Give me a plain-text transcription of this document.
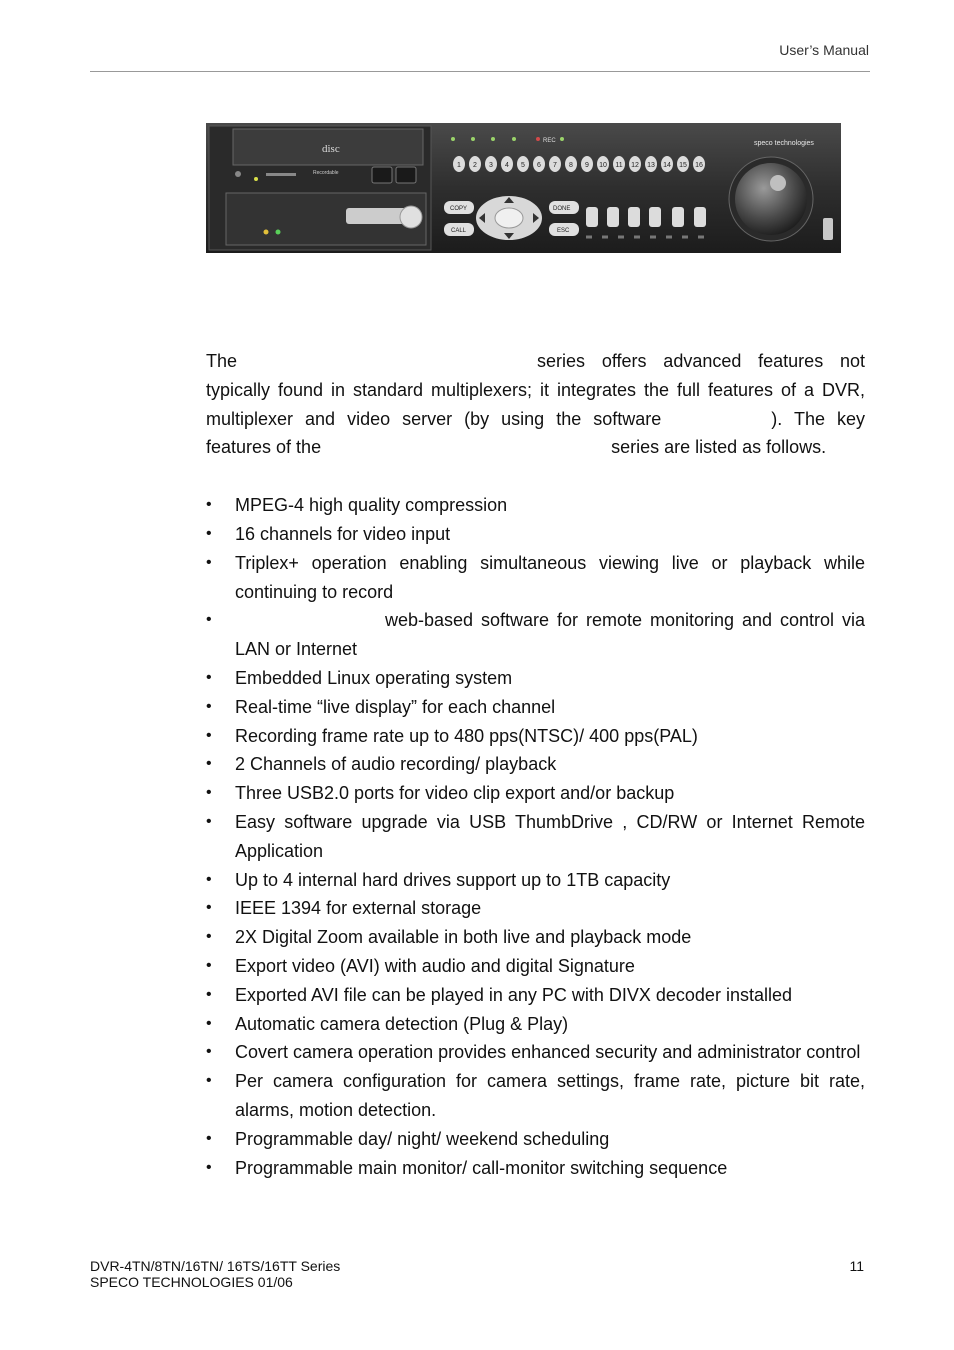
User’s Manual
disc
Recordable
REC	speco technologies
1 2 3 4 5 6 7 8 9 10 11 12 13 14 15 16
COPY
CALL
DONE
ESC
The	series offers advanced features not typically found in standard multiplexers; it integrates the full features of a DVR, multiplexer and video server (by using the software	). The key features of the	series are listed as follows.
• MPEG-4 high quality compression
• 16 channels for video input
• Triplex+ operation enabling simultaneous viewing live or playback while continuing to record
• web-based software for remote monitoring and control via LAN or Internet
• Embedded Linux operating system
• Real-time “live display” for each channel
• Recording frame rate up to 480 pps(NTSC)/ 400 pps(PAL)
• 2 Channels of audio recording/ playback
• Three USB2.0 ports for video clip export and/or backup
• Easy software upgrade via USB ThumbDrive , CD/RW or Internet Remote Application
• Up to 4 internal hard drives support up to 1TB capacity
• IEEE 1394 for external storage
• 2X Digital Zoom available in both live and playback mode
• Export video (AVI) with audio and digital Signature
• Exported AVI file can be played in any PC with DIVX decoder installed
• Automatic camera detection (Plug & Play)
• Covert camera operation provides enhanced security and administrator control
• Per camera configuration for camera settings, frame rate, picture bit rate, alarms, motion detection.
• Programmable day/ night/ weekend scheduling
• Programmable main monitor/ call-monitor switching sequence
DVR-4TN/8TN/16TN/ 16TS/16TT Series
SPECO TECHNOLOGIES 01/06
11
